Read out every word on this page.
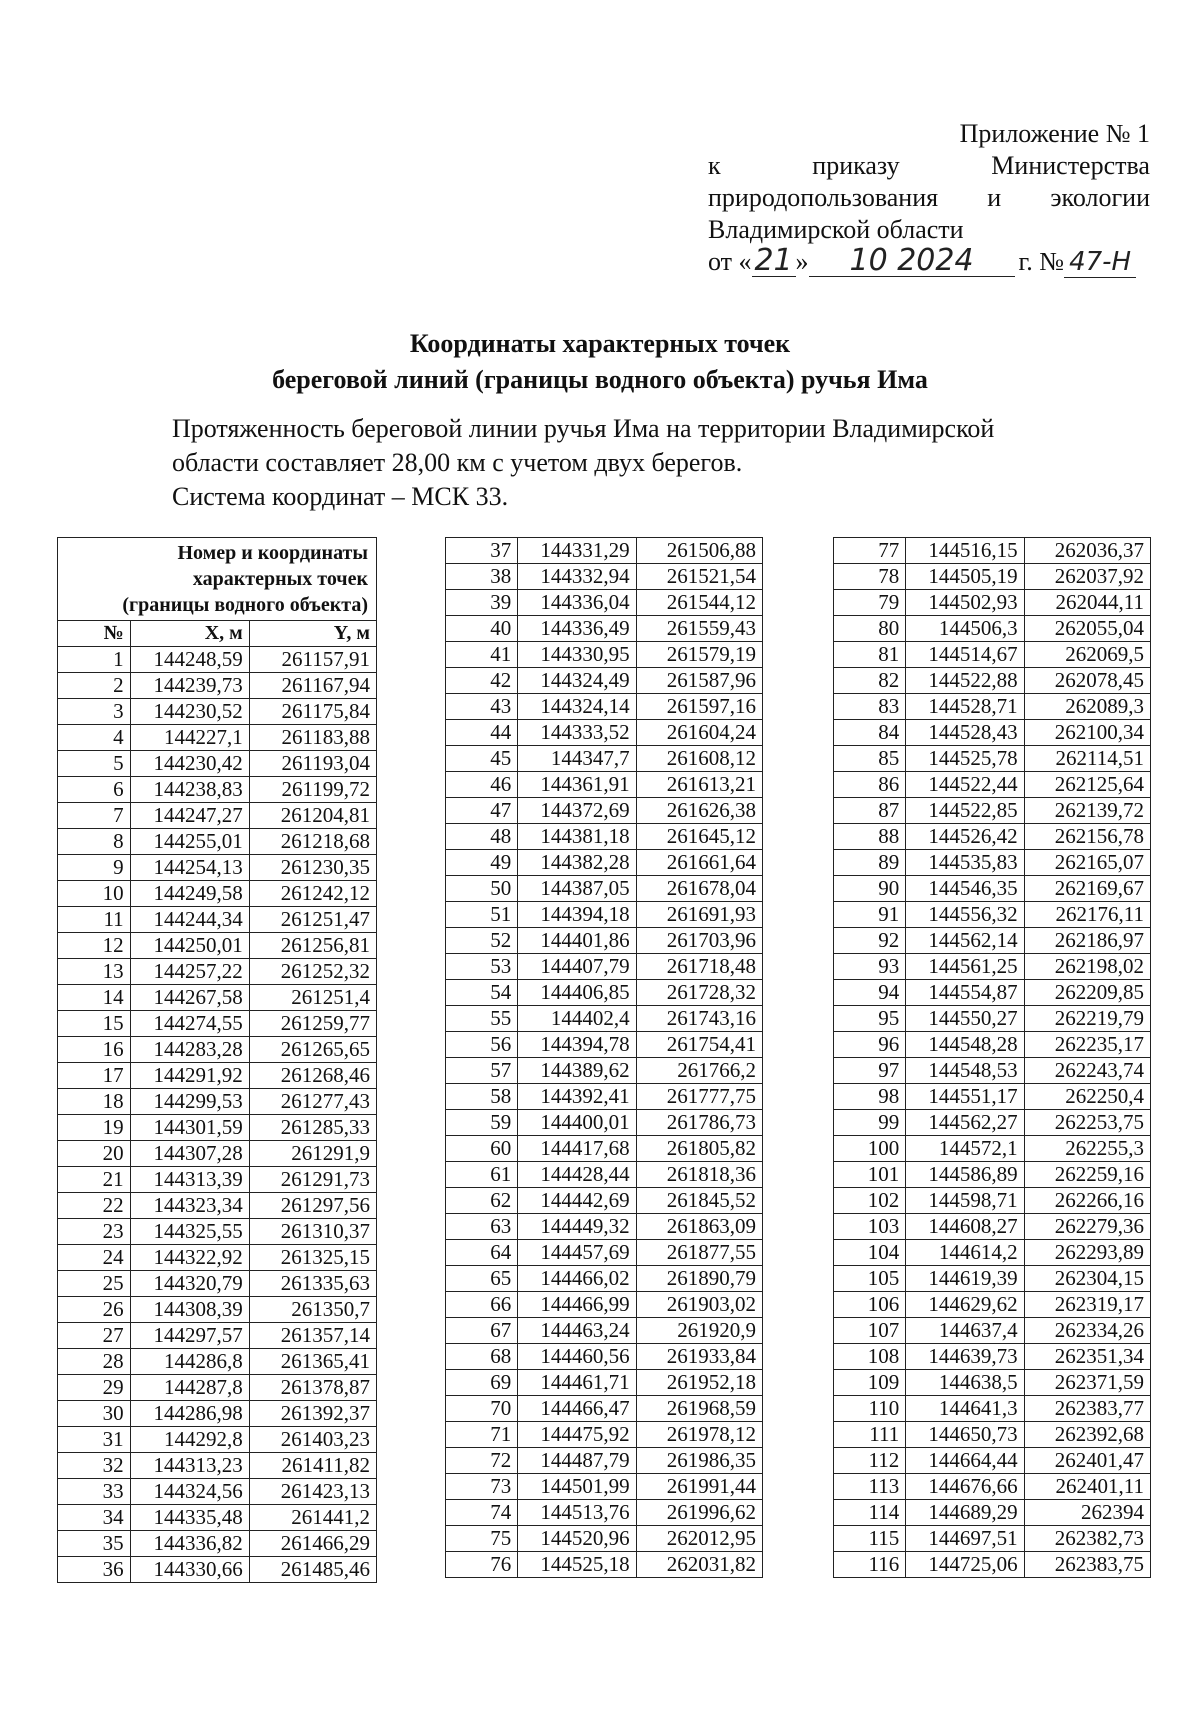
Приложение № 1
к	приказу	Министерства
природопользования и экологии
Владимирской области
от « 21 »	10 2024	г. № 47-Н
Координаты характерных точек
береговой линий (границы водного объекта) ручья Има
Протяженность береговой линии ручья Има на территории Владимирской
области составляет 28,00 км с учетом двух берегов.
Система координат – МСК 33.
Номер и координаты
характерных точек
(границы водного объекта)		

№	X, м	Y, м
1	144248,59	261157,91
2	144239,73	261167,94
3	144230,52	261175,84
4	144227,1	261183,88
5	144230,42	261193,04
6	144238,83	261199,72
7	144247,27	261204,81
8	144255,01	261218,68
9	144254,13	261230,35
10	144249,58	261242,12
11	144244,34	261251,47
12	144250,01	261256,81
13	144257,22	261252,32
14	144267,58	261251,4
15	144274,55	261259,77
16	144283,28	261265,65
17	144291,92	261268,46
18	144299,53	261277,43
19	144301,59	261285,33
20	144307,28	261291,9
21	144313,39	261291,73
22	144323,34	261297,56
23	144325,55	261310,37
24	144322,92	261325,15
25	144320,79	261335,63
26	144308,39	261350,7
27	144297,57	261357,14
28	144286,8	261365,41
29	144287,8	261378,87
30	144286,98	261392,37
31	144292,8	261403,23
32	144313,23	261411,82
33	144324,56	261423,13
34	144335,48	261441,2
35	144336,82	261466,29
36	144330,66	261485,46
37	144331,29	261506,88
38	144332,94	261521,54
39	144336,04	261544,12
40	144336,49	261559,43
41	144330,95	261579,19
42	144324,49	261587,96
43	144324,14	261597,16
44	144333,52	261604,24
45	144347,7	261608,12
46	144361,91	261613,21
47	144372,69	261626,38
48	144381,18	261645,12
49	144382,28	261661,64
50	144387,05	261678,04
51	144394,18	261691,93
52	144401,86	261703,96
53	144407,79	261718,48
54	144406,85	261728,32
55	144402,4	261743,16
56	144394,78	261754,41
57	144389,62	261766,2
58	144392,41	261777,75
59	144400,01	261786,73
60	144417,68	261805,82
61	144428,44	261818,36
62	144442,69	261845,52
63	144449,32	261863,09
64	144457,69	261877,55
65	144466,02	261890,79
66	144466,99	261903,02
67	144463,24	261920,9
68	144460,56	261933,84
69	144461,71	261952,18
70	144466,47	261968,59
71	144475,92	261978,12
72	144487,79	261986,35
73	144501,99	261991,44
74	144513,76	261996,62
75	144520,96	262012,95
76	144525,18	262031,82
77	144516,15	262036,37
78	144505,19	262037,92
79	144502,93	262044,11
80	144506,3	262055,04
81	144514,67	262069,5
82	144522,88	262078,45
83	144528,71	262089,3
84	144528,43	262100,34
85	144525,78	262114,51
86	144522,44	262125,64
87	144522,85	262139,72
88	144526,42	262156,78
89	144535,83	262165,07
90	144546,35	262169,67
91	144556,32	262176,11
92	144562,14	262186,97
93	144561,25	262198,02
94	144554,87	262209,85
95	144550,27	262219,79
96	144548,28	262235,17
97	144548,53	262243,74
98	144551,17	262250,4
99	144562,27	262253,75
100	144572,1	262255,3
101	144586,89	262259,16
102	144598,71	262266,16
103	144608,27	262279,36
104	144614,2	262293,89
105	144619,39	262304,15
106	144629,62	262319,17
107	144637,4	262334,26
108	144639,73	262351,34
109	144638,5	262371,59
110	144641,3	262383,77
111	144650,73	262392,68
112	144664,44	262401,47
113	144676,66	262401,11
114	144689,29	262394
115	144697,51	262382,73
116	144725,06	262383,75
